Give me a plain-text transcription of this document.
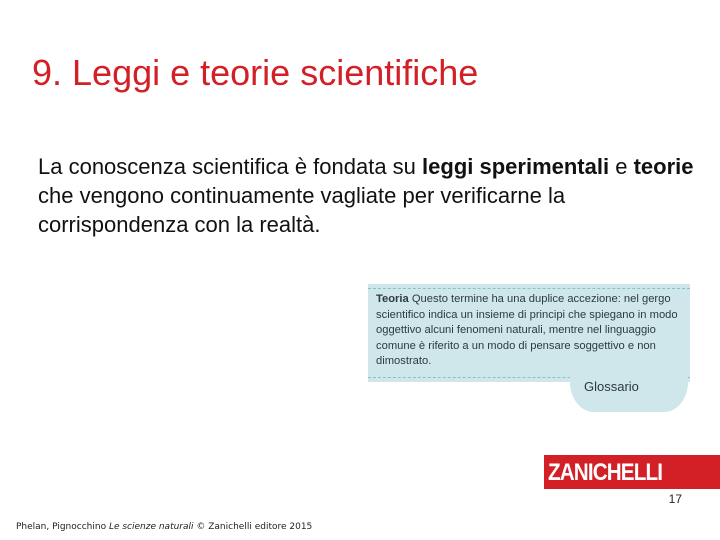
9. Leggi e teorie scientifiche
La conoscenza scientifica è fondata su leggi sperimentali e teorie che vengono continuamente vagliate per verificarne la corrispondenza con la realtà.
Teoria Questo termine ha una duplice accezione: nel gergo scientifico indica un insieme di principi che spiegano in modo oggettivo alcuni fenomeni naturali, mentre nel linguaggio comune è riferito a un modo di pensare soggettivo e non dimostrato.
Glossario
ZANICHELLI
17
Phelan, Pignocchino Le scienze naturali © Zanichelli editore 2015
